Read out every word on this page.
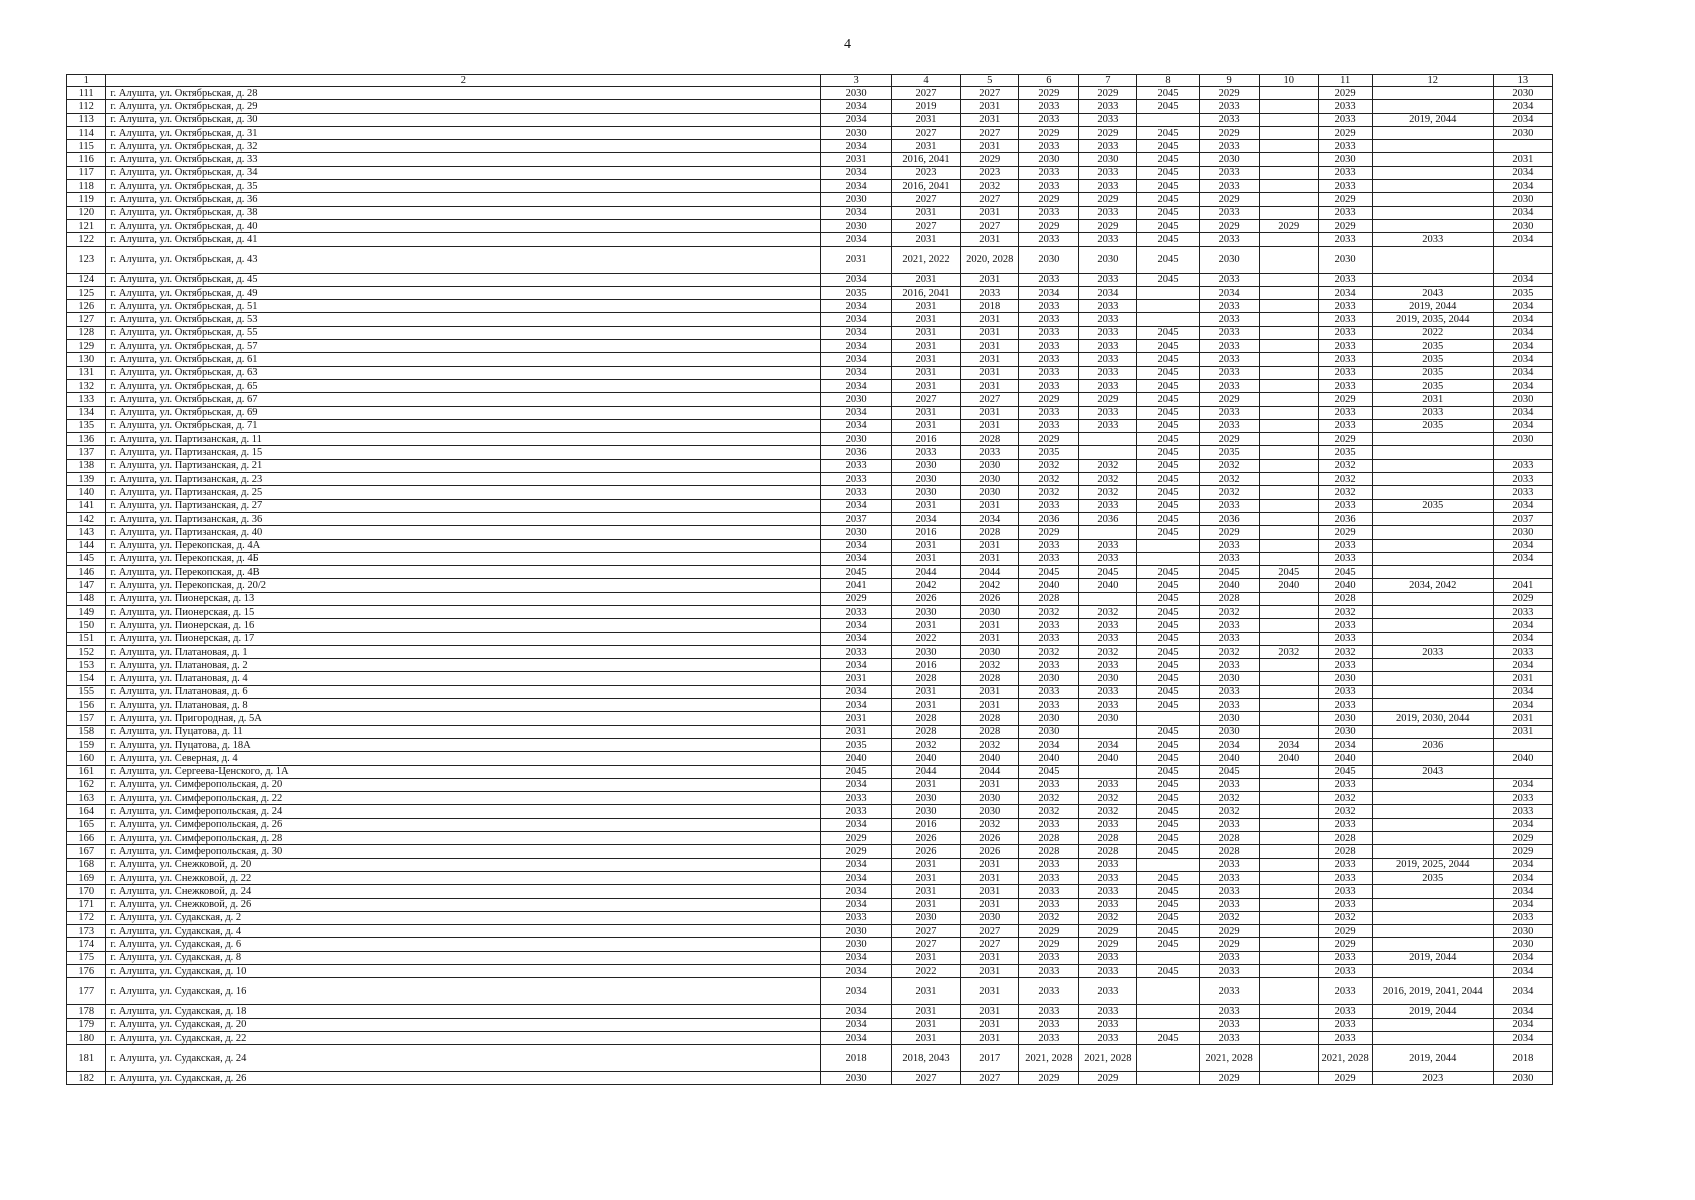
4
1	2	3	4	5	6	7	8	9	10	11	12	13
111	г. Алушта, ул. Октябрьская, д. 28	2030	2027	2027	2029	2029	2045	2029		2029		2030
112	г. Алушта, ул. Октябрьская, д. 29	2034	2019	2031	2033	2033	2045	2033		2033		2034
113	г. Алушта, ул. Октябрьская, д. 30	2034	2031	2031	2033	2033		2033		2033	2019, 2044	2034
114	г. Алушта, ул. Октябрьская, д. 31	2030	2027	2027	2029	2029	2045	2029		2029		2030
115	г. Алушта, ул. Октябрьская, д. 32	2034	2031	2031	2033	2033	2045	2033		2033		
116	г. Алушта, ул. Октябрьская, д. 33	2031	2016, 2041	2029	2030	2030	2045	2030		2030		2031
117	г. Алушта, ул. Октябрьская, д. 34	2034	2023	2023	2033	2033	2045	2033		2033		2034
118	г. Алушта, ул. Октябрьская, д. 35	2034	2016, 2041	2032	2033	2033	2045	2033		2033		2034
119	г. Алушта, ул. Октябрьская, д. 36	2030	2027	2027	2029	2029	2045	2029		2029		2030
120	г. Алушта, ул. Октябрьская, д. 38	2034	2031	2031	2033	2033	2045	2033		2033		2034
121	г. Алушта, ул. Октябрьская, д. 40	2030	2027	2027	2029	2029	2045	2029	2029	2029		2030
122	г. Алушта, ул. Октябрьская, д. 41	2034	2031	2031	2033	2033	2045	2033		2033	2033	2034
123	г. Алушта, ул. Октябрьская, д. 43	2031	2021, 2022	2020, 2028	2030	2030	2045	2030		2030		
124	г. Алушта, ул. Октябрьская, д. 45	2034	2031	2031	2033	2033	2045	2033		2033		2034
125	г. Алушта, ул. Октябрьская, д. 49	2035	2016, 2041	2033	2034	2034		2034		2034	2043	2035
126	г. Алушта, ул. Октябрьская, д. 51	2034	2031	2018	2033	2033		2033		2033	2019, 2044	2034
127	г. Алушта, ул. Октябрьская, д. 53	2034	2031	2031	2033	2033		2033		2033	2019, 2035, 2044	2034
128	г. Алушта, ул. Октябрьская, д. 55	2034	2031	2031	2033	2033	2045	2033		2033	2022	2034
129	г. Алушта, ул. Октябрьская, д. 57	2034	2031	2031	2033	2033	2045	2033		2033	2035	2034
130	г. Алушта, ул. Октябрьская, д. 61	2034	2031	2031	2033	2033	2045	2033		2033	2035	2034
131	г. Алушта, ул. Октябрьская, д. 63	2034	2031	2031	2033	2033	2045	2033		2033	2035	2034
132	г. Алушта, ул. Октябрьская, д. 65	2034	2031	2031	2033	2033	2045	2033		2033	2035	2034
133	г. Алушта, ул. Октябрьская, д. 67	2030	2027	2027	2029	2029	2045	2029		2029	2031	2030
134	г. Алушта, ул. Октябрьская, д. 69	2034	2031	2031	2033	2033	2045	2033		2033	2033	2034
135	г. Алушта, ул. Октябрьская, д. 71	2034	2031	2031	2033	2033	2045	2033		2033	2035	2034
136	г. Алушта, ул. Партизанская, д. 11	2030	2016	2028	2029		2045	2029		2029		2030
137	г. Алушта, ул. Партизанская, д. 15	2036	2033	2033	2035		2045	2035		2035		
138	г. Алушта, ул. Партизанская, д. 21	2033	2030	2030	2032	2032	2045	2032		2032		2033
139	г. Алушта, ул. Партизанская, д. 23	2033	2030	2030	2032	2032	2045	2032		2032		2033
140	г. Алушта, ул. Партизанская, д. 25	2033	2030	2030	2032	2032	2045	2032		2032		2033
141	г. Алушта, ул. Партизанская, д. 27	2034	2031	2031	2033	2033	2045	2033		2033	2035	2034
142	г. Алушта, ул. Партизанская, д. 36	2037	2034	2034	2036	2036	2045	2036		2036		2037
143	г. Алушта, ул. Партизанская, д. 40	2030	2016	2028	2029		2045	2029		2029		2030
144	г. Алушта, ул. Перекопская, д. 4А	2034	2031	2031	2033	2033		2033		2033		2034
145	г. Алушта, ул. Перекопская, д. 4Б	2034	2031	2031	2033	2033		2033		2033		2034
146	г. Алушта, ул. Перекопская, д. 4В	2045	2044	2044	2045	2045	2045	2045	2045	2045		
147	г. Алушта, ул. Перекопская, д. 20/2	2041	2042	2042	2040	2040	2045	2040	2040	2040	2034, 2042	2041
148	г. Алушта, ул. Пионерская, д. 13	2029	2026	2026	2028		2045	2028		2028		2029
149	г. Алушта, ул. Пионерская, д. 15	2033	2030	2030	2032	2032	2045	2032		2032		2033
150	г. Алушта, ул. Пионерская, д. 16	2034	2031	2031	2033	2033	2045	2033		2033		2034
151	г. Алушта, ул. Пионерская, д. 17	2034	2022	2031	2033	2033	2045	2033		2033		2034
152	г. Алушта, ул. Платановая, д. 1	2033	2030	2030	2032	2032	2045	2032	2032	2032	2033	2033
153	г. Алушта, ул. Платановая, д. 2	2034	2016	2032	2033	2033	2045	2033		2033		2034
154	г. Алушта, ул. Платановая, д. 4	2031	2028	2028	2030	2030	2045	2030		2030		2031
155	г. Алушта, ул. Платановая, д. 6	2034	2031	2031	2033	2033	2045	2033		2033		2034
156	г. Алушта, ул. Платановая, д. 8	2034	2031	2031	2033	2033	2045	2033		2033		2034
157	г. Алушта, ул. Пригородная, д. 5А	2031	2028	2028	2030	2030		2030		2030	2019, 2030, 2044	2031
158	г. Алушта, ул. Пуцатова, д. 11	2031	2028	2028	2030		2045	2030		2030		2031
159	г. Алушта, ул. Пуцатова, д. 18А	2035	2032	2032	2034	2034	2045	2034	2034	2034	2036	
160	г. Алушта, ул. Северная, д. 4	2040	2040	2040	2040	2040	2045	2040	2040	2040		2040
161	г. Алушта, ул. Сергеева-Ценского, д. 1А	2045	2044	2044	2045		2045	2045		2045	2043	
162	г. Алушта, ул. Симферопольская, д. 20	2034	2031	2031	2033	2033	2045	2033		2033		2034
163	г. Алушта, ул. Симферопольская, д. 22	2033	2030	2030	2032	2032	2045	2032		2032		2033
164	г. Алушта, ул. Симферопольская, д. 24	2033	2030	2030	2032	2032	2045	2032		2032		2033
165	г. Алушта, ул. Симферопольская, д. 26	2034	2016	2032	2033	2033	2045	2033		2033		2034
166	г. Алушта, ул. Симферопольская, д. 28	2029	2026	2026	2028	2028	2045	2028		2028		2029
167	г. Алушта, ул. Симферопольская, д. 30	2029	2026	2026	2028	2028	2045	2028		2028		2029
168	г. Алушта, ул. Снежковой, д. 20	2034	2031	2031	2033	2033		2033		2033	2019, 2025, 2044	2034
169	г. Алушта, ул. Снежковой, д. 22	2034	2031	2031	2033	2033	2045	2033		2033	2035	2034
170	г. Алушта, ул. Снежковой, д. 24	2034	2031	2031	2033	2033	2045	2033		2033		2034
171	г. Алушта, ул. Снежковой, д. 26	2034	2031	2031	2033	2033	2045	2033		2033		2034
172	г. Алушта, ул. Судакская, д. 2	2033	2030	2030	2032	2032	2045	2032		2032		2033
173	г. Алушта, ул. Судакская, д. 4	2030	2027	2027	2029	2029	2045	2029		2029		2030
174	г. Алушта, ул. Судакская, д. 6	2030	2027	2027	2029	2029	2045	2029		2029		2030
175	г. Алушта, ул. Судакская, д. 8	2034	2031	2031	2033	2033		2033		2033	2019, 2044	2034
176	г. Алушта, ул. Судакская, д. 10	2034	2022	2031	2033	2033	2045	2033		2033		2034
177	г. Алушта, ул. Судакская, д. 16	2034	2031	2031	2033	2033		2033		2033	2016, 2019, 2041, 2044	2034
178	г. Алушта, ул. Судакская, д. 18	2034	2031	2031	2033	2033		2033		2033	2019, 2044	2034
179	г. Алушта, ул. Судакская, д. 20	2034	2031	2031	2033	2033		2033		2033		2034
180	г. Алушта, ул. Судакская, д. 22	2034	2031	2031	2033	2033	2045	2033		2033		2034
181	г. Алушта, ул. Судакская, д. 24	2018	2018, 2043	2017	2021, 2028	2021, 2028		2021, 2028		2021, 2028	2019, 2044	2018
182	г. Алушта, ул. Судакская, д. 26	2030	2027	2027	2029	2029		2029		2029	2023	2030
